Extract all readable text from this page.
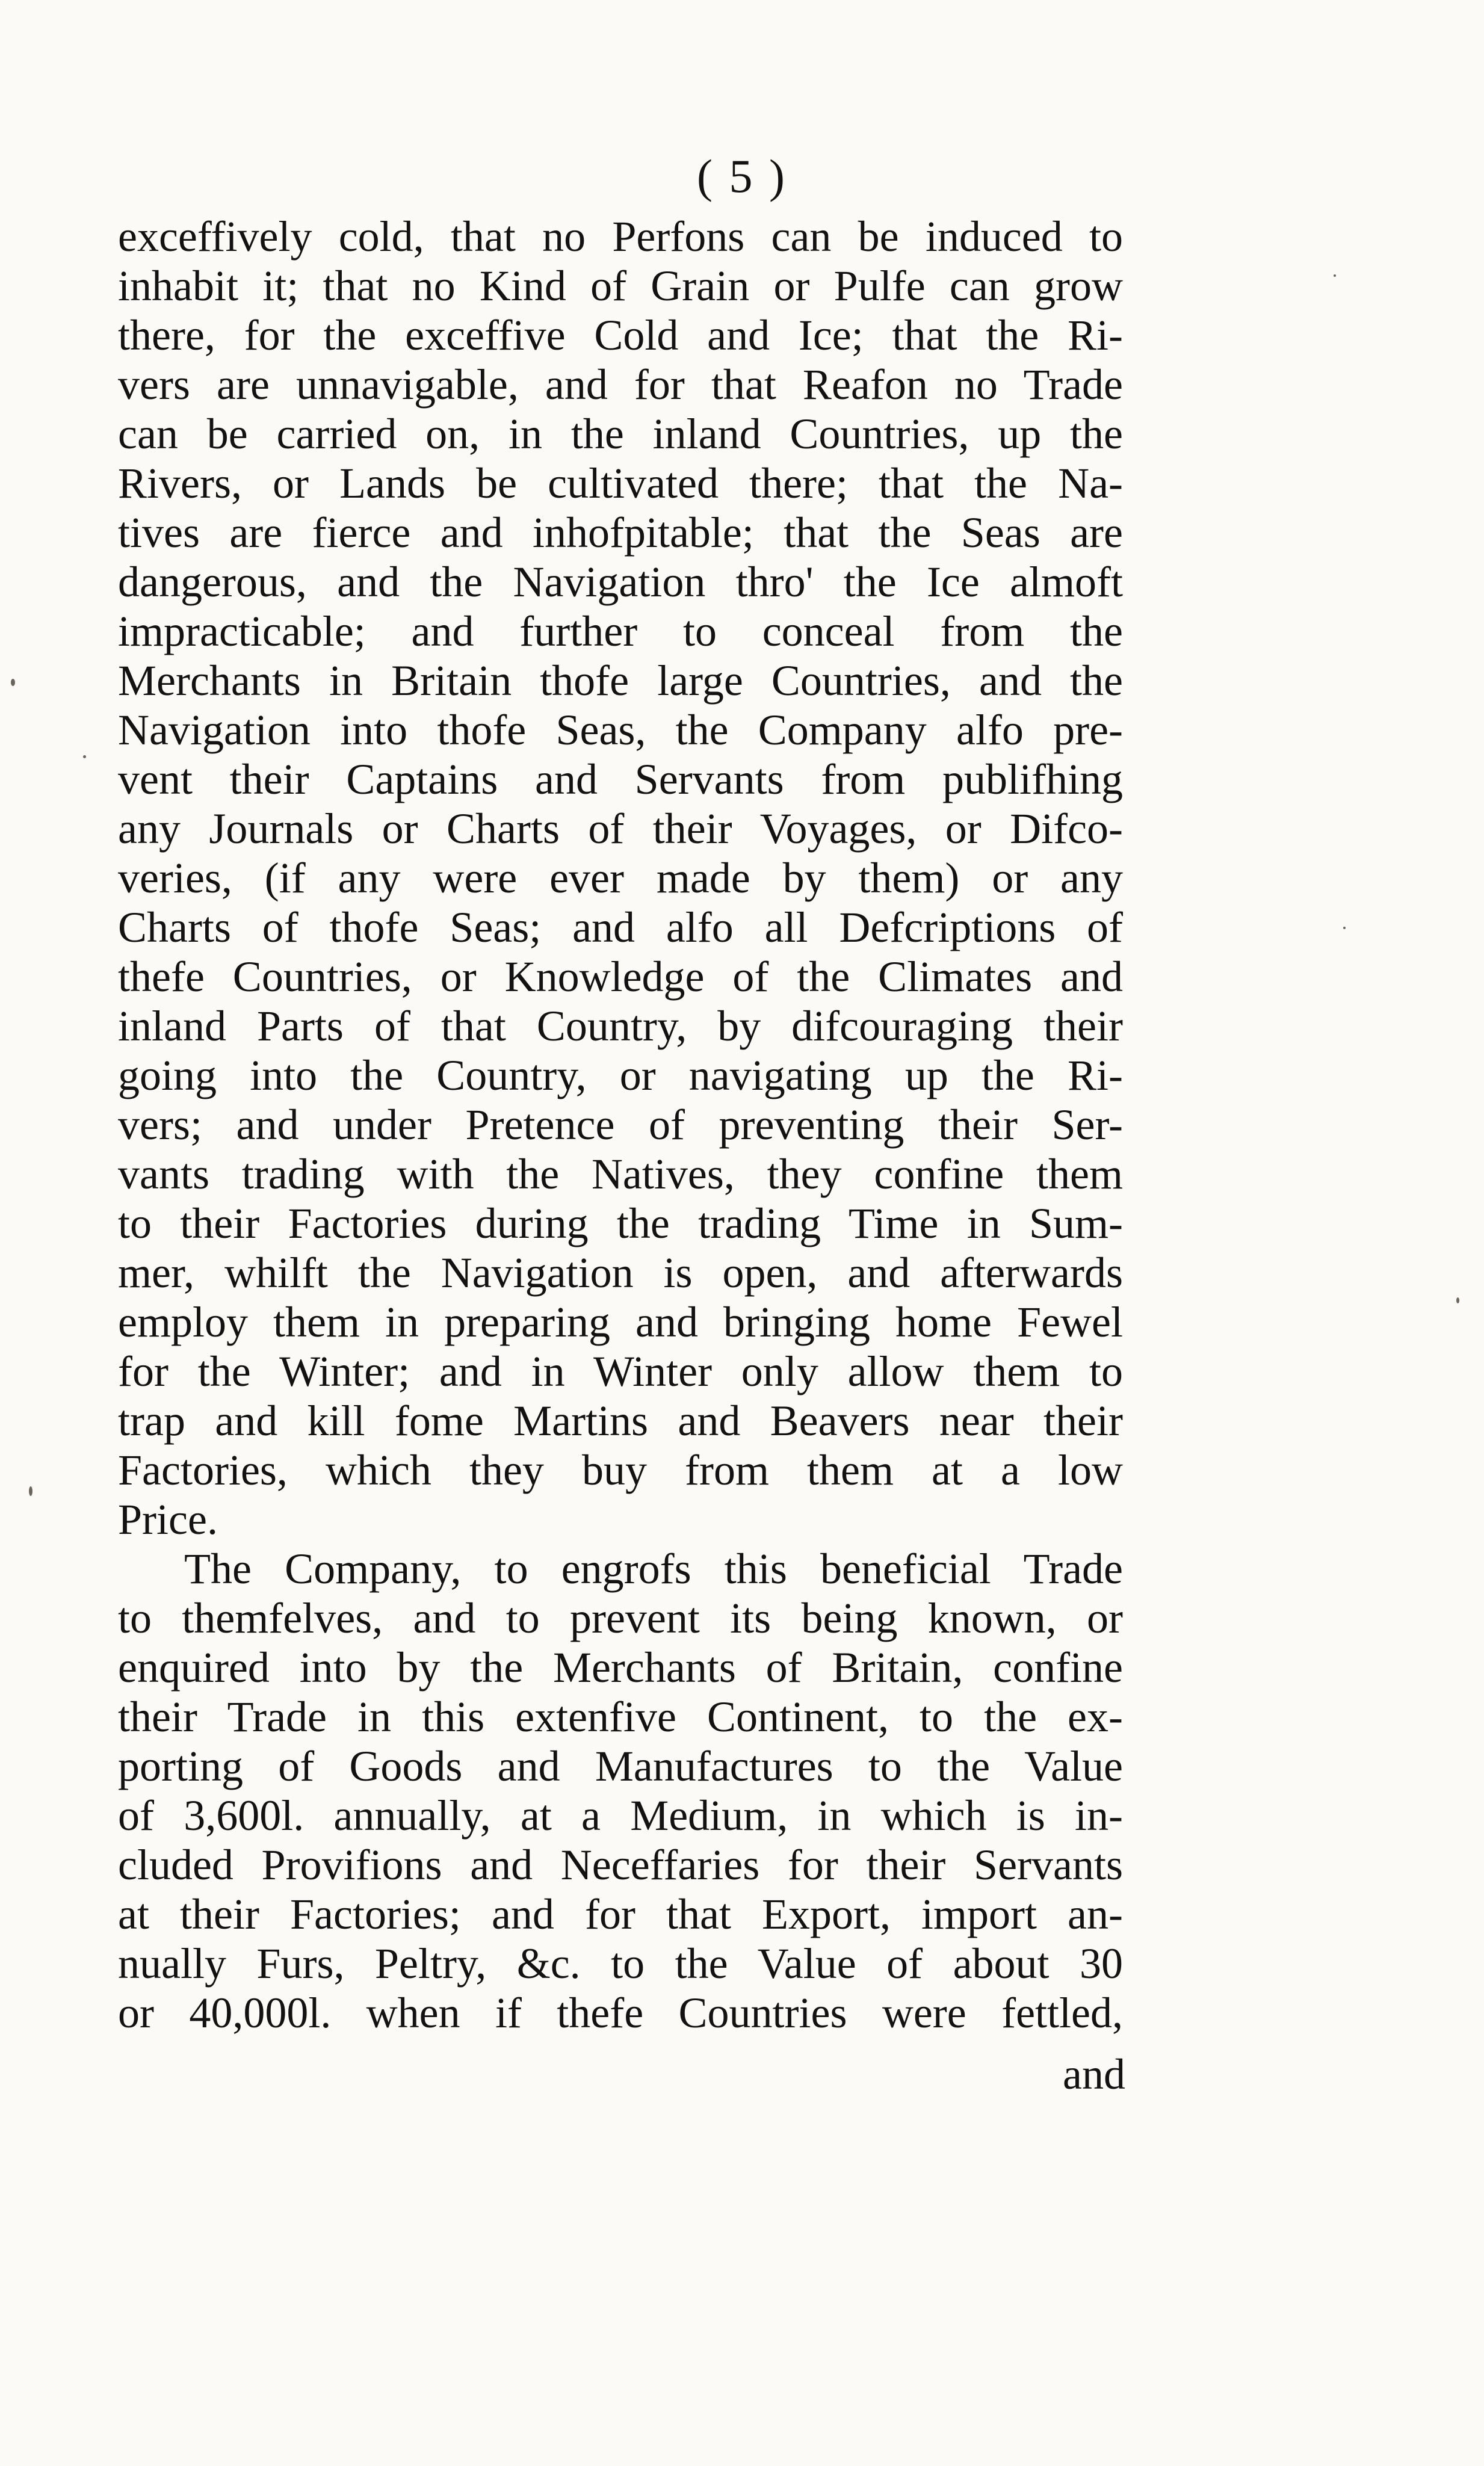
( 5 )
exceffively cold, that no Perfons can be induced to
inhabit it; that no Kind of Grain or Pulfe can grow
there, for the exceffive Cold and Ice; that the Ri-
vers are unnavigable, and for that Reafon no Trade
can be carried on, in the inland Countries, up the
Rivers, or Lands be cultivated there; that the Na-
tives are fierce and inhofpitable; that the Seas are
dangerous, and the Navigation thro' the Ice almoft
impracticable; and further to conceal from the
Merchants in Britain thofe large Countries, and the
Navigation into thofe Seas, the Company alfo pre-
vent their Captains and Servants from publifhing
any Journals or Charts of their Voyages, or Difco-
veries, (if any were ever made by them) or any
Charts of thofe Seas; and alfo all Defcriptions of
thefe Countries, or Knowledge of the Climates and
inland Parts of that Country, by difcouraging their
going into the Country, or navigating up the Ri-
vers; and under Pretence of preventing their Ser-
vants trading with the Natives, they confine them
to their Factories during the trading Time in Sum-
mer, whilft the Navigation is open, and afterwards
employ them in preparing and bringing home Fewel
for the Winter; and in Winter only allow them to
trap and kill fome Martins and Beavers near their
Factories, which they buy from them at a low
Price.
The Company, to engrofs this beneficial Trade
to themfelves, and to prevent its being known, or
enquired into by the Merchants of Britain, confine
their Trade in this extenfive Continent, to the ex-
porting of Goods and Manufactures to the Value
of 3,600l. annually, at a Medium, in which is in-
cluded Provifions and Neceffaries for their Servants
at their Factories; and for that Export, import an-
nually Furs, Peltry, &c. to the Value of about 30
or 40,000l. when if thefe Countries were fettled,
and
